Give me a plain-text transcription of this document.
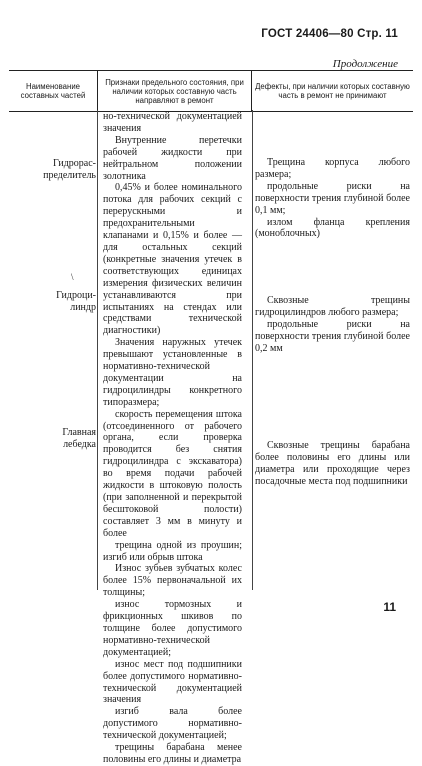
ГОСТ 24406—80 Стр. 11
Продолжение
Наименование составных частей
Признаки предельного состояния, при наличии которых составную часть направляют в ремонт
Дефекты, при наличии которых составную часть в ремонт не принимают
Гидрорас-
пределитель
Гидроци-
линдр
Главная
лебедка
\

но-технической документацией значения

Внутренние перетечки рабочей жидкости при нейтральном положении золотника

0,45% и более номинального потока для рабочих секций с переpускными и предохранительными клапанами и 0,15% и более — для остальных секций (конкретные значения утечек в соответствующих единицах измерения физических величин устанавливаются при испытаниях на стендах или средствами технической диагностики)

Значения наружных утечек превышают установленные в нормативно-технической документации на гидроцилиндры конкретного типоразмера;

скорость перемещения штока (отсоединенного от рабочего органа, если проверка проводится без снятия гидроцилиндра с экскаватора) во время подачи рабочей жидкости в штоковую полость (при заполненной и перекрытой бесштоковой полости) составляет 3 мм в минуту и более

трещина одной из проушин; изгиб или обрыв штока

Износ зубьев зубчатых колес более 15% первоначальной их толщины;

износ тормозных и фрикционных шкивов по толщине более допустимого нормативно-технической документацией;

износ мест под подшипники более допустимого нормативно-технической документацией значения

изгиб вала более допустимого нормативно-технической документацией;

трещины барабана менее половины его длины и диаметра

Трещина корпуса любого размера;

продольные риски на поверхности трения глубиной более 0,1 мм;

излом фланца крепления (моноблочных)

Сквозные трещины гидроцилиндров любого размера;

продольные риски на поверхности трения глубиной более 0,2 мм

Сквозные трещины барабана более половины его длины или диаметра или проходящие через посадочные места под подшипники

11
